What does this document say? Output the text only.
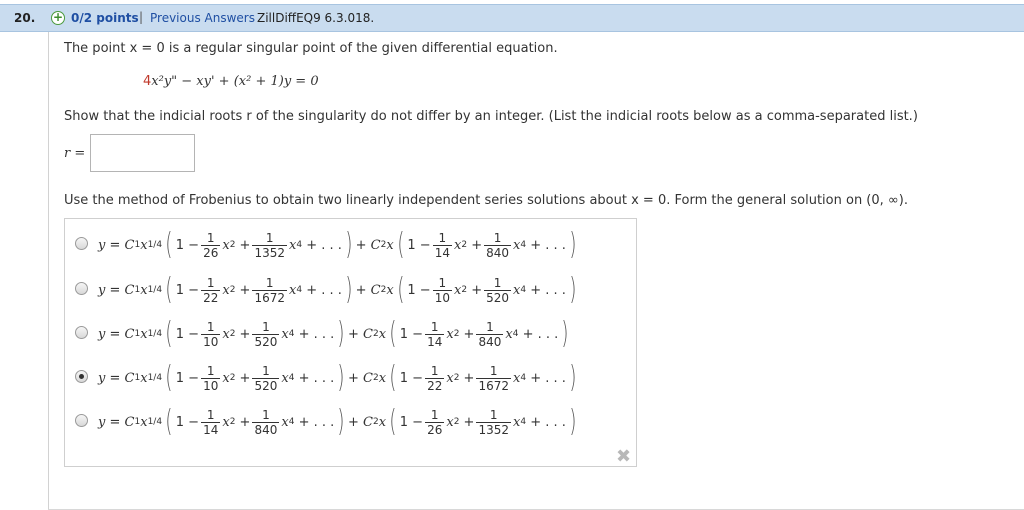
20. + 0/2 points | Previous Answers ZillDiffEQ9 6.3.018.
The point x = 0 is a regular singular point of the given differential equation.
4x²y" − xy' + (x² + 1)y = 0
Show that the indicial roots r of the singularity do not differ by an integer. (List the indicial roots below as a comma-separated list.)
r =
Use the method of Frobenius to obtain two linearly independent series solutions about x = 0. Form the general solution on (0, ∞).
y = C 1 x 1/4 ( $1 - \frac{1}{26}$ x $2 + \frac{1}{1352}$ x 4 + . . . ) + C 2 x ( $1 - \frac{1}{14}$ x $2 + \frac{1}{840}$ x 4 + . . . )
y = C 1 x 1/4 ( $1 - \frac{1}{22}$ x $2 + \frac{1}{1672}$ x 4 + . . . ) + C 2 x ( $1 - \frac{1}{10}$ x $2 + \frac{1}{520}$ x 4 + . . . )
y = C 1 x 1/4 ( $1 - \frac{1}{10}$ x $2 + \frac{1}{520}$ x 4 + . . . ) + C 2 x ( $1 - \frac{1}{14}$ x $2 + \frac{1}{840}$ x 4 + . . . )
y = C 1 x 1/4 ( $1 - \frac{1}{10}$ x $2 + \frac{1}{520}$ x 4 + . . . ) + C 2 x ( $1 - \frac{1}{22}$ x $2 + \frac{1}{1672}$ x 4 + . . . )
y = C 1 x 1/4 ( $1 - \frac{1}{14}$ x $2 + \frac{1}{840}$ x 4 + . . . ) + C 2 x ( $1 - \frac{1}{26}$ x $2 + \frac{1}{1352}$ x 4 + . . . )
✖
